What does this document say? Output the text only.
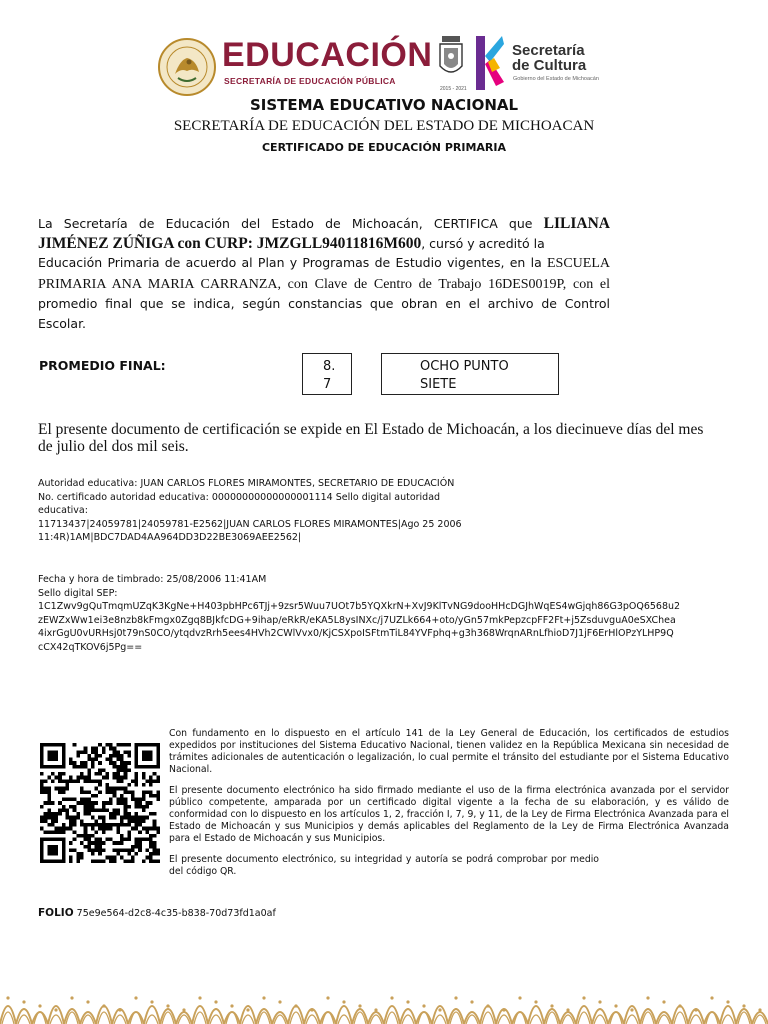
EDUCACIÓN
SECRETARÍA DE EDUCACIÓN PÚBLICA
2015 - 2021
Secretaría
de Cultura
Gobierno del Estado de Michoacán
SISTEMA EDUCATIVO NACIONAL
SECRETARÍA DE EDUCACIÓN DEL ESTADO DE MICHOACAN
CERTIFICADO DE EDUCACIÓN PRIMARIA
La Secretaría de Educación del Estado de Michoacán, CERTIFICA que LILIANA JIMÉNEZ ZÚÑIGA con CURP: JMZGLL94011816M600, cursó y acreditó la
Educación Primaria de acuerdo al Plan y Programas de Estudio vigentes, en la ESCUELA PRIMARIA ANA MARIA CARRANZA, con Clave de Centro de Trabajo 16DES0019P, con el promedio final que se indica, según constancias que obran en el archivo de Control Escolar.
PROMEDIO FINAL:	8.
7
OCHO PUNTO
SIETE
El presente documento de certificación se expide en El Estado de Michoacán, a los diecinueve días del mes de julio del dos mil seis.
Autoridad educativa: JUAN CARLOS FLORES MIRAMONTES, SECRETARIO DE EDUCACIÓN
No. certificado autoridad educativa: 00000000000000001114 Sello digital autoridad
educativa:
11713437|24059781|24059781-E2562|JUAN CARLOS FLORES MIRAMONTES|Ago 25 2006
11:4R)1AM|BDC7DAD4AA964DD3D22BE3069AEE2562|
Fecha y hora de timbrado: 25/08/2006 11:41AM
Sello digital SEP:
1C1Zwv9gQuTmqmUZqK3KgNe+H403pbHPc6TJj+9zsr5Wuu7UOt7b5YQXkrN+XvJ9KlTvNG9dooHHcDGJhWqES4wGjqh86G3pOQ6568u2
zEWZxWw1ei3e8nzb8kFmgx0Zgq8BJkfcDG+9ihap/eRkR/eKA5L8ysINXc/j7UZLk664+oto/yGn57mkPepzcpFF2Ft+j5ZsduvguA0eSXChea
4ixrGgU0vURHsj0t79nS0CO/ytqdvzRrh5ees4HVh2CWlVvx0/KjCSXpoISFtmTiL84YVFphq+g3h368WrqnARnLfhioD7J1jF6ErHlOPzYLHP9Q
cCX42qTKOV6j5Pg==

Con fundamento en lo dispuesto en el artículo 141 de la Ley General de Educación, los certificados de estudios expedidos por instituciones del Sistema Educativo Nacional, tienen validez en la República Mexicana sin necesidad de trámites adicionales de autenticación o legalización, lo cual permite el tránsito del estudiante por el Sistema Educativo Nacional.

El presente documento electrónico ha sido firmado mediante el uso de la firma electrónica avanzada por el servidor público competente, amparada por un certificado digital vigente a la fecha de su elaboración, y es válido de conformidad con lo dispuesto en los artículos 1, 2, fracción I, 7, 9, y 11, de la Ley de Firma Electrónica Avanzada para el Estado de Michoacán y sus Municipios y demás aplicables del Reglamento de la Ley de Firma Electrónica Avanzada para el Estado de Michoacán y sus Municipios.

El presente documento electrónico, su integridad y autoría se podrá comprobar por medio del código QR.

FOLIO 75e9e564-d2c8-4c35-b838-70d73fd1a0af
